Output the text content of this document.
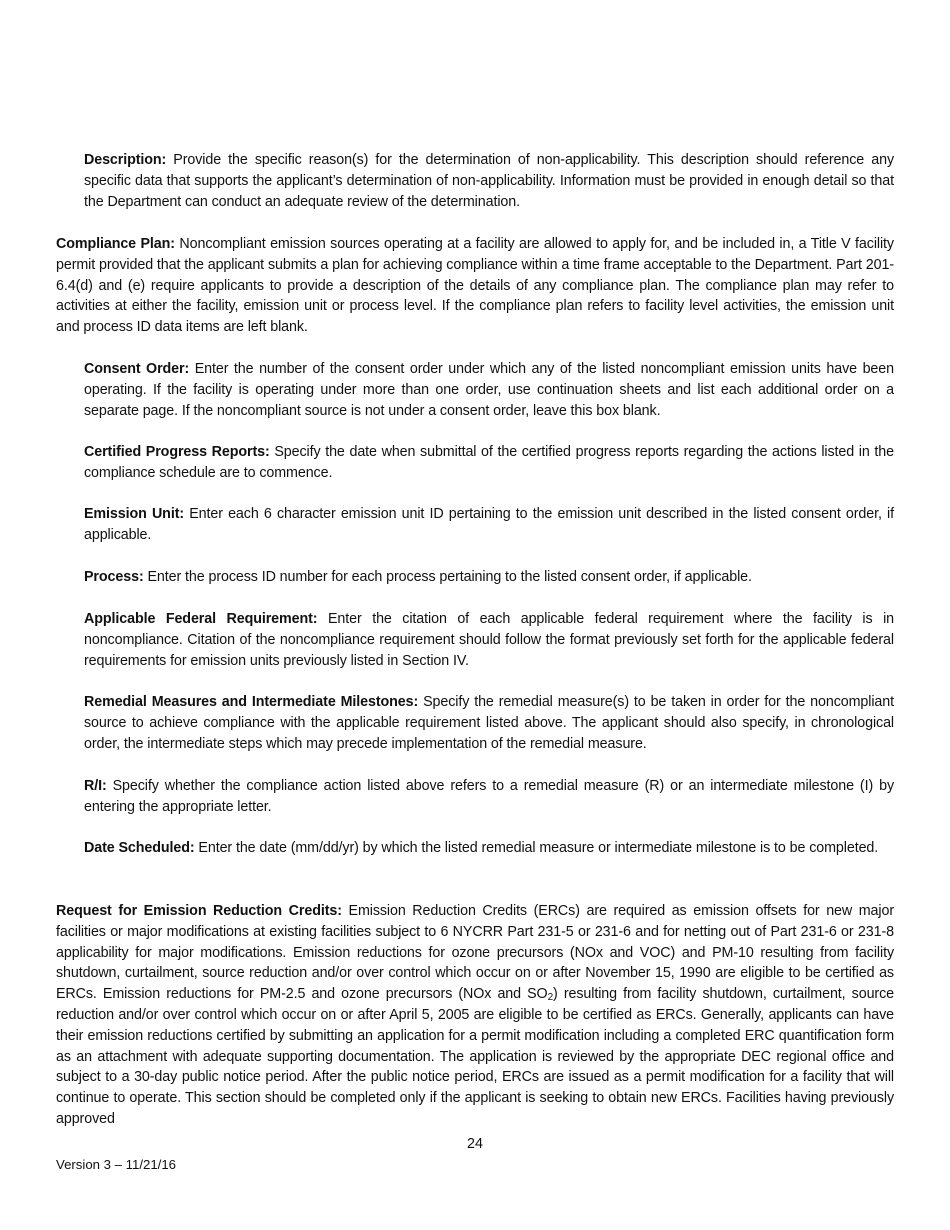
Description: Provide the specific reason(s) for the determination of non-applicability. This description should reference any specific data that supports the applicant’s determination of non-applicability. Information must be provided in enough detail so that the Department can conduct an adequate review of the determination.

Compliance Plan: Noncompliant emission sources operating at a facility are allowed to apply for, and be included in, a Title V facility permit provided that the applicant submits a plan for achieving compliance within a time frame acceptable to the Department. Part 201-6.4(d) and (e) require applicants to provide a description of the details of any compliance plan. The compliance plan may refer to activities at either the facility, emission unit or process level. If the compliance plan refers to facility level activities, the emission unit and process ID data items are left blank.

Consent Order: Enter the number of the consent order under which any of the listed noncompliant emission units have been operating. If the facility is operating under more than one order, use continuation sheets and list each additional order on a separate page. If the noncompliant source is not under a consent order, leave this box blank.

Certified Progress Reports: Specify the date when submittal of the certified progress reports regarding the actions listed in the compliance schedule are to commence.

Emission Unit: Enter each 6 character emission unit ID pertaining to the emission unit described in the listed consent order, if applicable.

Process: Enter the process ID number for each process pertaining to the listed consent order, if applicable.

Applicable Federal Requirement: Enter the citation of each applicable federal requirement where the facility is in noncompliance. Citation of the noncompliance requirement should follow the format previously set forth for the applicable federal requirements for emission units previously listed in Section IV.

Remedial Measures and Intermediate Milestones: Specify the remedial measure(s) to be taken in order for the noncompliant source to achieve compliance with the applicable requirement listed above. The applicant should also specify, in chronological order, the intermediate steps which may precede implementation of the remedial measure.

R/I: Specify whether the compliance action listed above refers to a remedial measure (R) or an intermediate milestone (I) by entering the appropriate letter.

Date Scheduled: Enter the date (mm/dd/yr) by which the listed remedial measure or intermediate milestone is to be completed.

Request for Emission Reduction Credits: Emission Reduction Credits (ERCs) are required as emission offsets for new major facilities or major modifications at existing facilities subject to 6 NYCRR Part 231-5 or 231-6 and for netting out of Part 231-6 or 231-8 applicability for major modifications. Emission reductions for ozone precursors (NOx and VOC) and PM-10 resulting from facility shutdown, curtailment, source reduction and/or over control which occur on or after November 15, 1990 are eligible to be certified as ERCs. Emission reductions for PM-2.5 and ozone precursors (NOx and $SO_2$) resulting from facility shutdown, curtailment, source reduction and/or over control which occur on or after April 5, 2005 are eligible to be certified as ERCs. Generally, applicants can have their emission reductions certified by submitting an application for a permit modification including a completed ERC quantification form as an attachment with adequate supporting documentation. The application is reviewed by the appropriate DEC regional office and subject to a 30-day public notice period. After the public notice period, ERCs are issued as a permit modification for a facility that will continue to operate. This section should be completed only if the applicant is seeking to obtain new ERCs. Facilities having previously approved

24
Version 3 – 11/21/16
